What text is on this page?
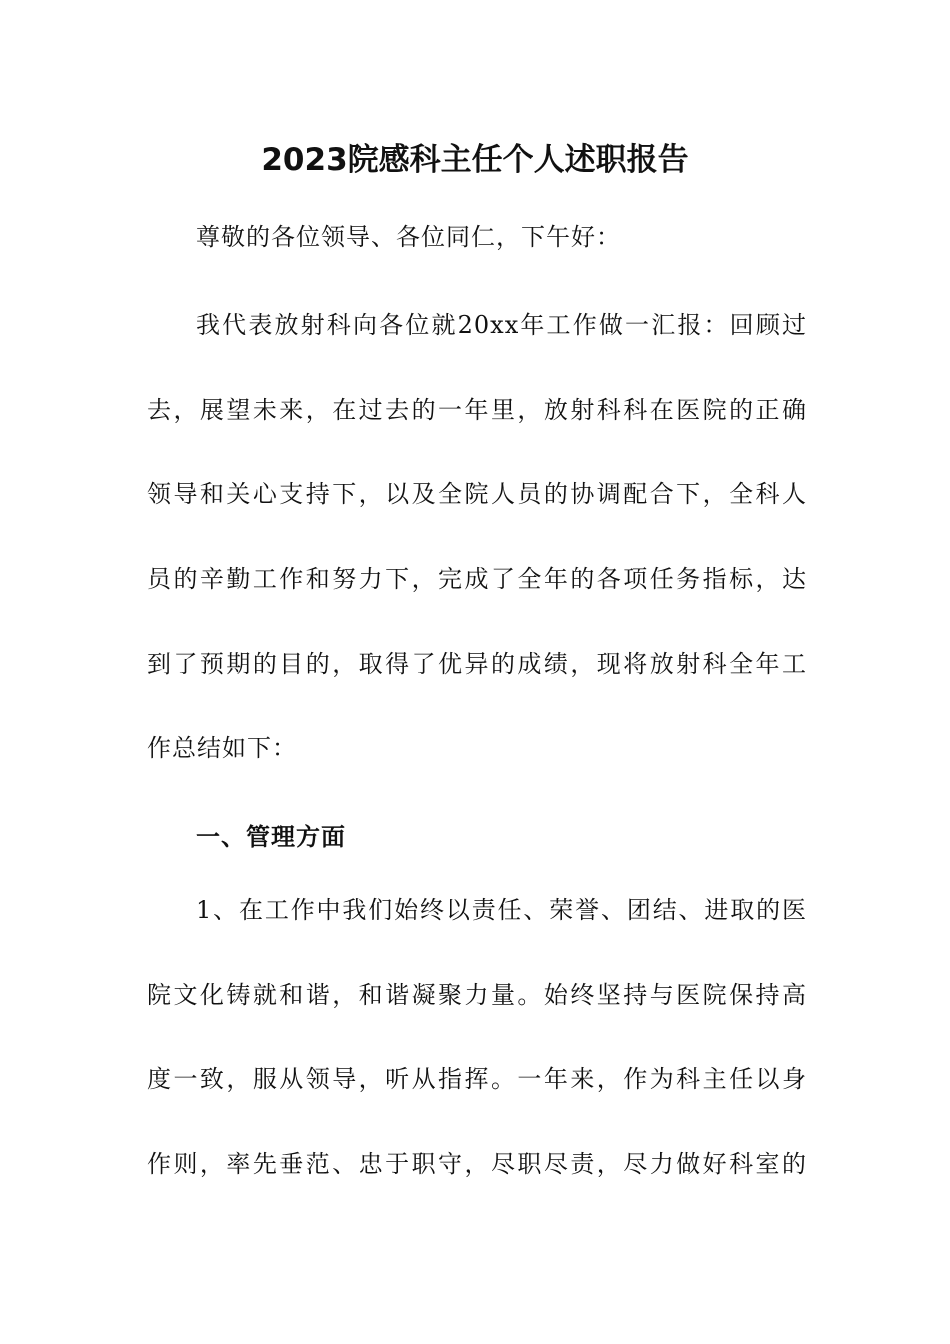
2023院感科主任个人述职报告

尊敬的各位领导、各位同仁，下午好：

我代表放射科向各位就20xx年工作做一汇报：回顾过

去，展望未来，在过去的一年里，放射科科在医院的正确

领导和关心支持下，以及全院人员的协调配合下，全科人

员的辛勤工作和努力下，完成了全年的各项任务指标，达

到了预期的目的，取得了优异的成绩，现将放射科全年工

作总结如下：

一、管理方面

1、在工作中我们始终以责任、荣誉、团结、进取的医

院文化铸就和谐，和谐凝聚力量。始终坚持与医院保持高

度一致，服从领导，听从指挥。一年来，作为科主任以身

作则，率先垂范、忠于职守，尽职尽责，尽力做好科室的
